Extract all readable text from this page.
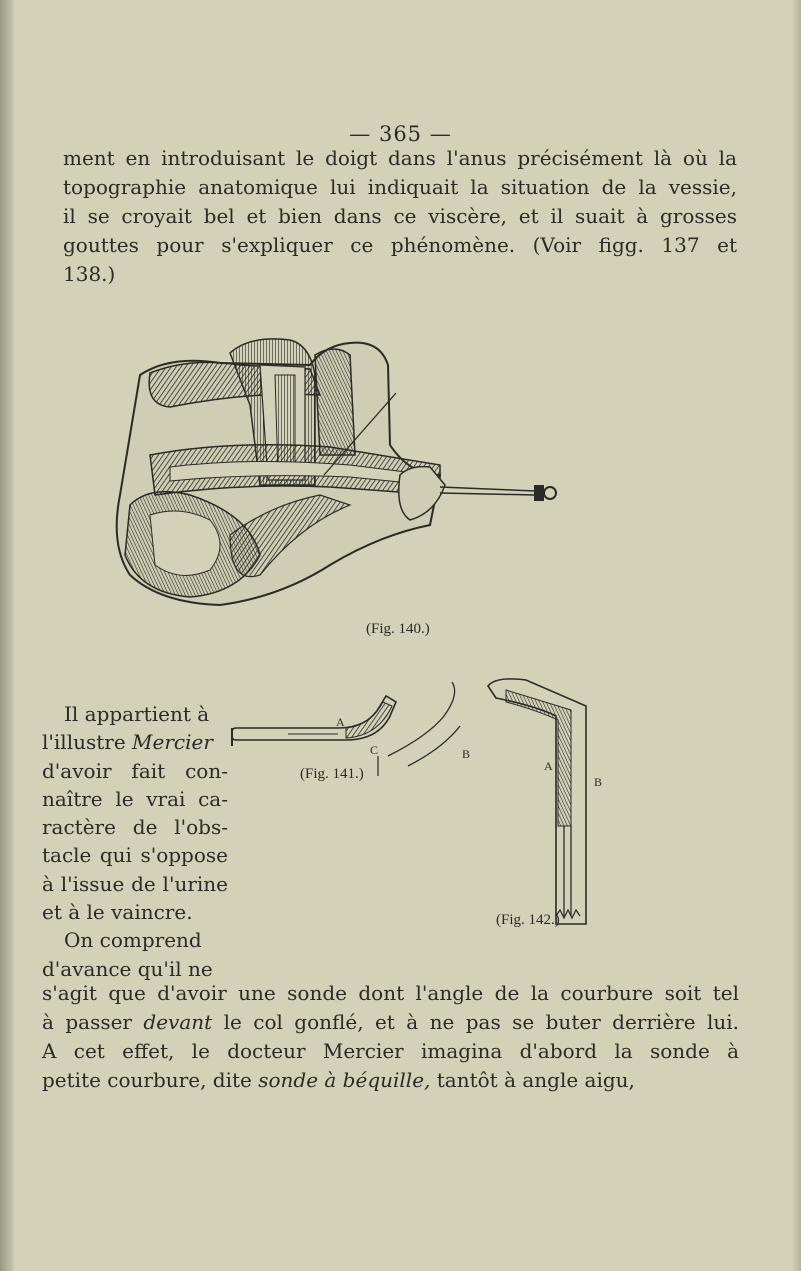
— 365 —
ment en introduisant le doigt dans l'anus précisément là où la
topographie anatomique lui indiquait la situation de la vessie,
il se croyait bel et bien dans ce viscère, et il suait à grosses
gouttes pour s'expliquer ce phénomène. (Voir figg. 137 et
138.)
(Fig. 140.)
A
B
C
(Fig. 141.)	A
B
(Fig. 142.)
Il appartient à
l'illustre Mercier
d'avoir fait con-
naître le vrai ca-
ractère de l'obs-
tacle qui s'oppose
à l'issue de l'urine
et à le vaincre.
On comprend
d'avance qu'il ne
s'agit que d'avoir une sonde dont l'angle de la courbure soit tel
à passer devant le col gonflé, et à ne pas se buter derrière lui.
A cet effet, le docteur Mercier imagina d'abord la sonde à
petite courbure, dite sonde à béquille, tantôt à angle aigu,
